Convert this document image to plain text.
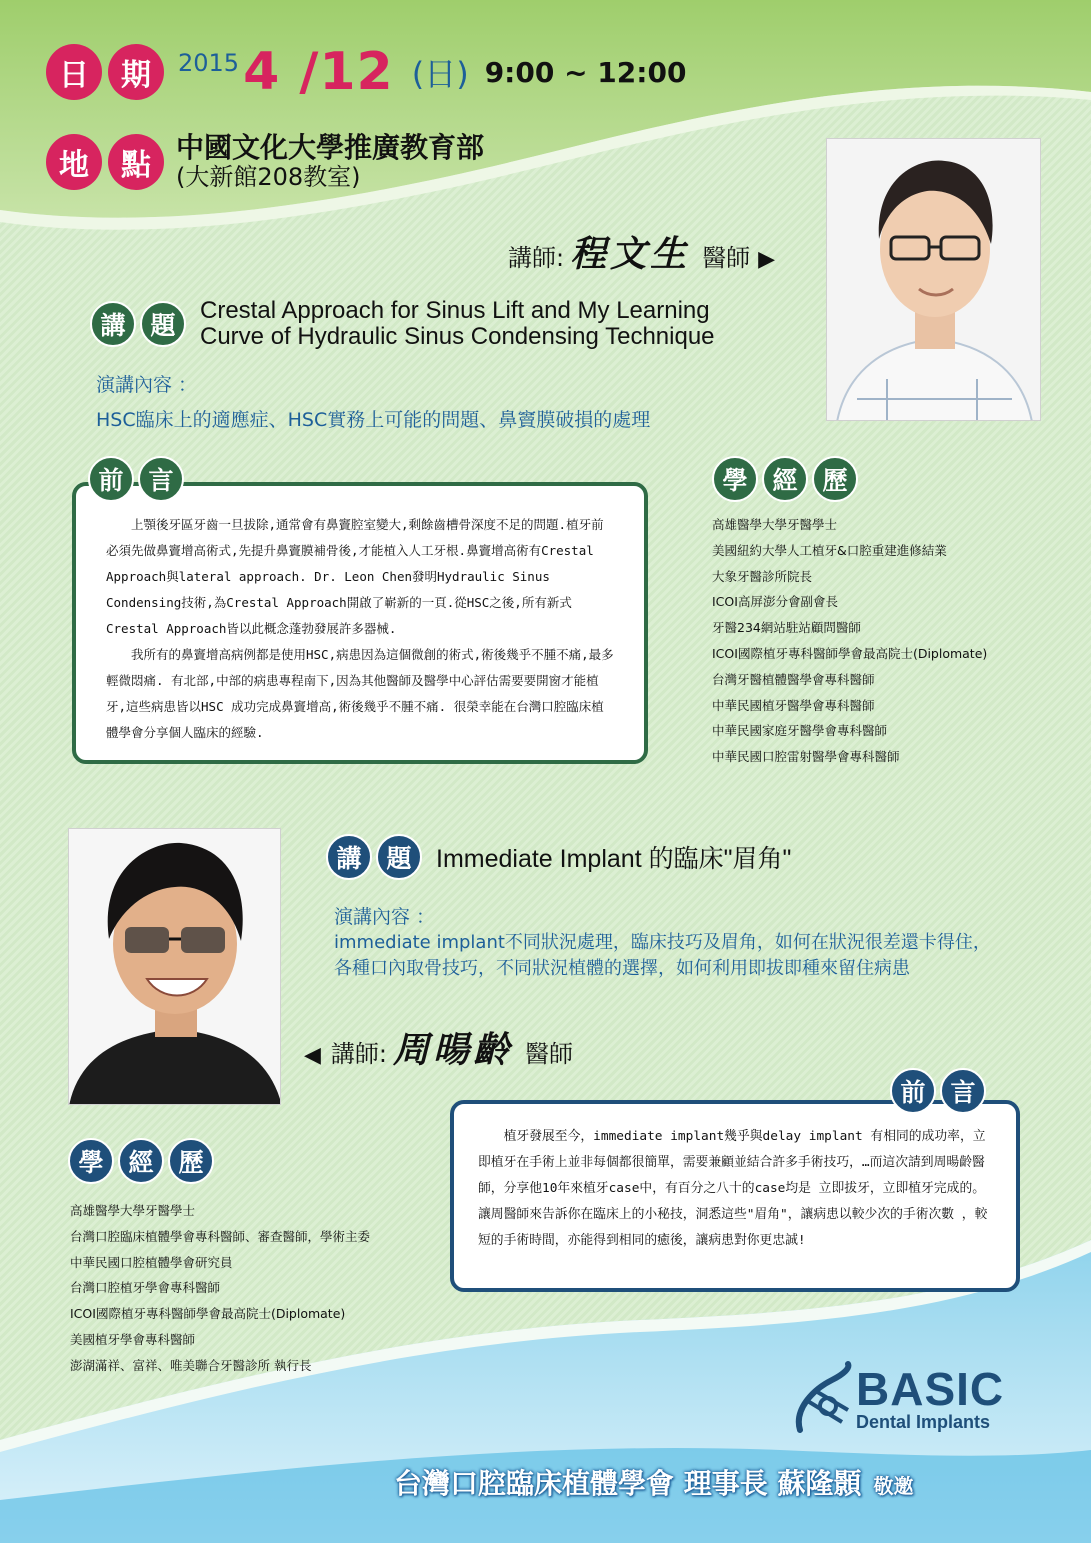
日	期	2015 4 /12 (日) 9:00 ~ 12:00
地	點
中國文化大學推廣教育部
(大新館208教室)
講師: 程文生 醫師 ▶
講 題
Crestal Approach for Sinus Lift and My Learning
Curve of Hydraulic Sinus Condensing Technique
演講內容 ：
HSC臨床上的適應症、HSC實務上可能的問題、鼻竇膜破損的處理

上顎後牙區牙齒一旦拔除,通常會有鼻竇腔室變大,剩餘齒槽骨深度不足的問題.植牙前必須先做鼻竇增高術式,先提升鼻竇膜補骨後,才能植入人工牙根.鼻竇增高術有Crestal Approach與lateral approach. Dr. Leon Chen發明Hydraulic Sinus Condensing技術,為Crestal Approach開啟了嶄新的一頁.從HSC之後,所有新式Crestal Approach皆以此概念蓬勃發展許多器械.

我所有的鼻竇增高病例都是使用HSC,病患因為這個微創的術式,術後幾乎不腫不痛,最多輕微悶痛. 有北部,中部的病患專程南下,因為其他醫師及醫學中心評估需要要開窗才能植牙,這些病患皆以HSC 成功完成鼻竇增高,術後幾乎不腫不痛. 很榮幸能在台灣口腔臨床植體學會分享個人臨床的經驗.

前 言	學 經 歷
高雄醫學大學牙醫學士
美國紐約大學人工植牙&口腔重建進修結業
大象牙醫診所院長
ICOI高屏澎分會副會長
牙醫234網站駐站顧問醫師
ICOI國際植牙專科醫師學會最高院士(Diplomate)
台灣牙醫植體醫學會專科醫師
中華民國植牙醫學會專科醫師
中華民國家庭牙醫學會專科醫師
中華民國口腔雷射醫學會專科醫師
講 題 Immediate Implant 的臨床"眉角"
演講內容 ：
immediate implant不同狀況處理，臨床技巧及眉角，如何在狀況很差還卡得住，
各種口內取骨技巧，不同狀況植體的選擇，如何利用即拔即種來留住病患
◀ 講師: 周暘齡 醫師

植牙發展至今，immediate implant幾乎與delay implant 有相同的成功率，立即植牙在手術上並非每個都很簡單，需要兼顧並結合許多手術技巧，…而這次請到周暘齡醫師，分享他10年來植牙case中，有百分之八十的case均是 立即拔牙，立即植牙完成的。讓周醫師來告訴你在臨床上的小秘技，洞悉這些"眉角"，讓病患以較少次的手術次數 ，較短的手術時間，亦能得到相同的癒後，讓病患對你更忠誠!

前 言
學 經 歷
高雄醫學大學牙醫學士
台灣口腔臨床植體學會專科醫師、審查醫師，學術主委
中華民國口腔植體學會研究員
台灣口腔植牙學會專科醫師
ICOI國際植牙專科醫師學會最高院士(Diplomate)
美國植牙學會專科醫師
澎湖滿祥、富祥、唯美聯合牙醫診所 執行長	BASIC
Dental Implants
台灣口腔臨床植體學會 理事長 蘇隆顥 敬邀
